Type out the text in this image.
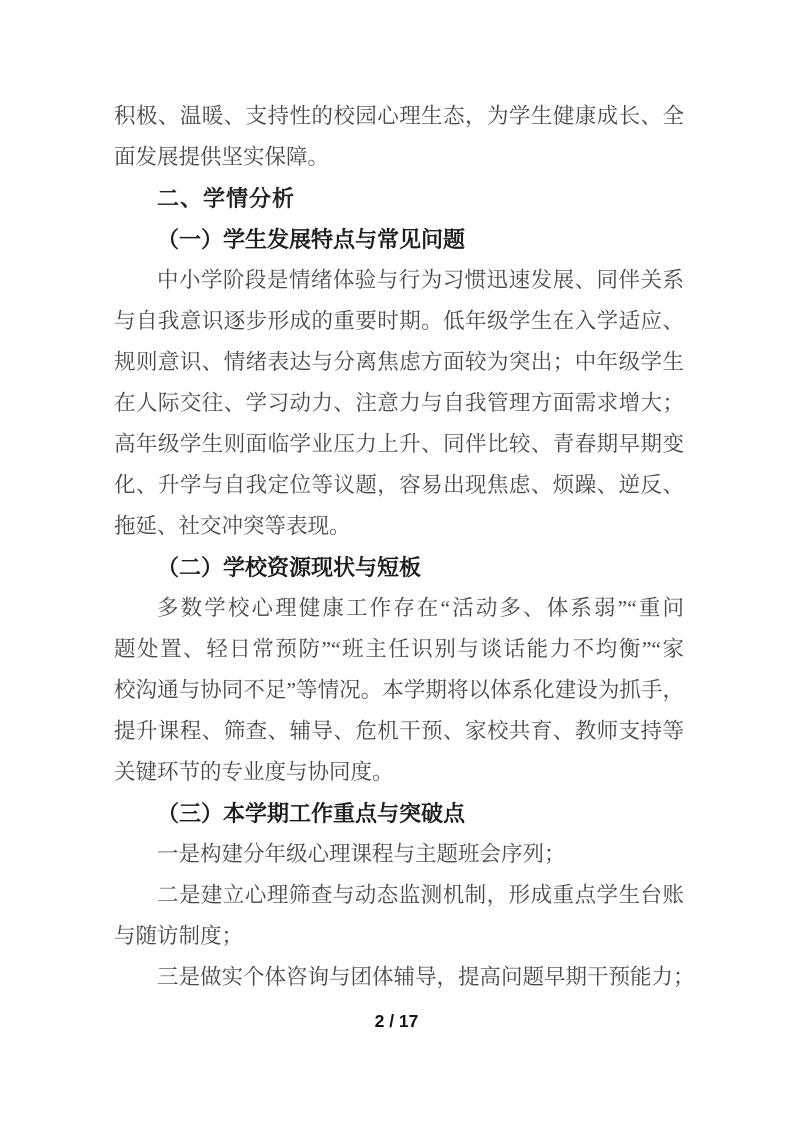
积极、温暖、支持性的校园心理生态，为学生健康成长、全
面发展提供坚实保障。
二、学情分析
（一）学生发展特点与常见问题
中小学阶段是情绪体验与行为习惯迅速发展、同伴关系
与自我意识逐步形成的重要时期。低年级学生在入学适应、
规则意识、情绪表达与分离焦虑方面较为突出；中年级学生
在人际交往、学习动力、注意力与自我管理方面需求增大；
高年级学生则面临学业压力上升、同伴比较、青春期早期变
化、升学与自我定位等议题，容易出现焦虑、烦躁、逆反、
拖延、社交冲突等表现。
（二）学校资源现状与短板
多数学校心理健康工作存在“活动多、体系弱”“重问
题处置、轻日常预防”“班主任识别与谈话能力不均衡”“家
校沟通与协同不足”等情况。本学期将以体系化建设为抓手，
提升课程、筛查、辅导、危机干预、家校共育、教师支持等
关键环节的专业度与协同度。
（三）本学期工作重点与突破点
一是构建分年级心理课程与主题班会序列；
二是建立心理筛查与动态监测机制，形成重点学生台账
与随访制度；
三是做实个体咨询与团体辅导，提高问题早期干预能力；
2 / 17
